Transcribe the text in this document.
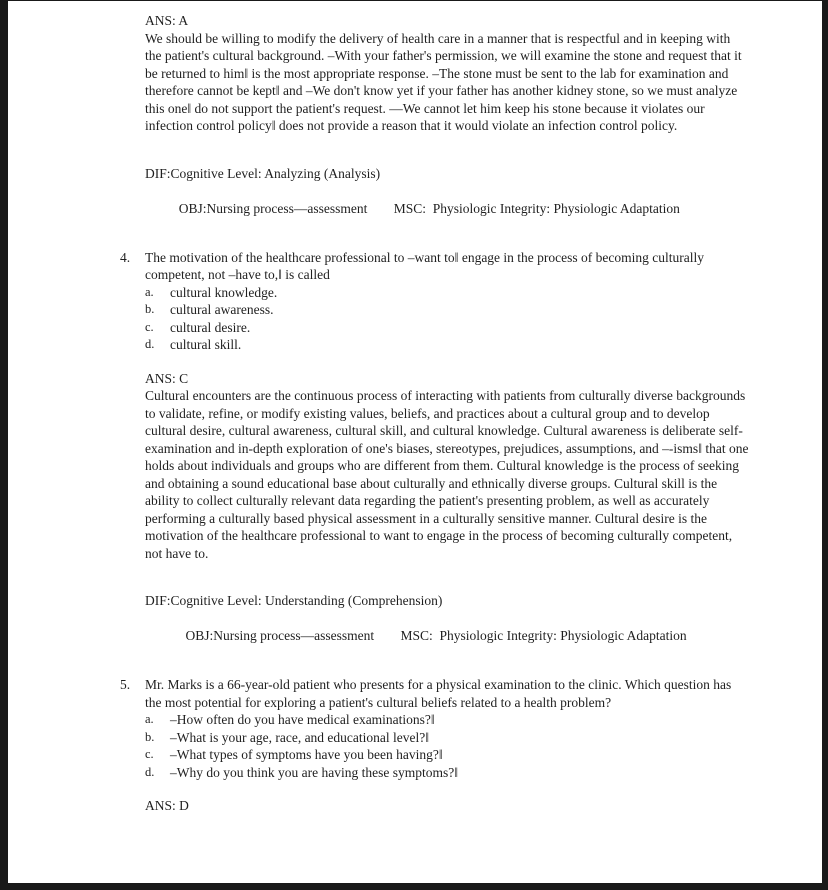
ANS: A

We should be willing to modify the delivery of health care in a manner that is respectful and in keeping with the patient's cultural background. –With your father's permission, we will examine the stone and request that it be returned to him‖ is the most appropriate response. –The stone must be sent to the lab for examination and therefore cannot be kept‖ and –We don't know yet if your father has another kidney stone, so we must analyze this one‖ do not support the patient's request. —We cannot let him keep his stone because it violates our infection control policy‖ does not provide a reason that it would violate an infection control policy.

DIF:Cognitive Level: Analyzing (Analysis)

OBJ:Nursing process—assessment MSC:  Physiologic Integrity: Physiologic Adaptation

4.	The motivation of the healthcare professional to –want to‖ engage in the process of becoming culturally competent, not –have to,‖ is called

a.	cultural knowledge.
b.	cultural awareness.
c.	cultural desire.
d.	cultural skill.
ANS: C

Cultural encounters are the continuous process of interacting with patients from culturally diverse backgrounds to validate, refine, or modify existing values, beliefs, and practices about a cultural group and to develop cultural desire, cultural awareness, cultural skill, and cultural knowledge. Cultural awareness is deliberate self-examination and in-depth exploration of one's biases, stereotypes, prejudices, assumptions, and –-isms‖ that one holds about individuals and groups who are different from them. Cultural knowledge is the process of seeking and obtaining a sound educational base about culturally and ethnically diverse groups. Cultural skill is the ability to collect culturally relevant data regarding the patient's presenting problem, as well as accurately performing a culturally based physical assessment in a culturally sensitive manner. Cultural desire is the motivation of the healthcare professional to want to engage in the process of becoming culturally competent, not have to.

DIF:Cognitive Level: Understanding (Comprehension)

OBJ:Nursing process—assessment MSC:  Physiologic Integrity: Physiologic Adaptation

5.	Mr. Marks is a 66-year-old patient who presents for a physical examination to the clinic. Which question has the most potential for exploring a patient's cultural beliefs related to a health problem?

a.	–How often do you have medical examinations?‖
b.	–What is your age, race, and educational level?‖
c.	–What types of symptoms have you been having?‖
d.	–Why do you think you are having these symptoms?‖
ANS: D
